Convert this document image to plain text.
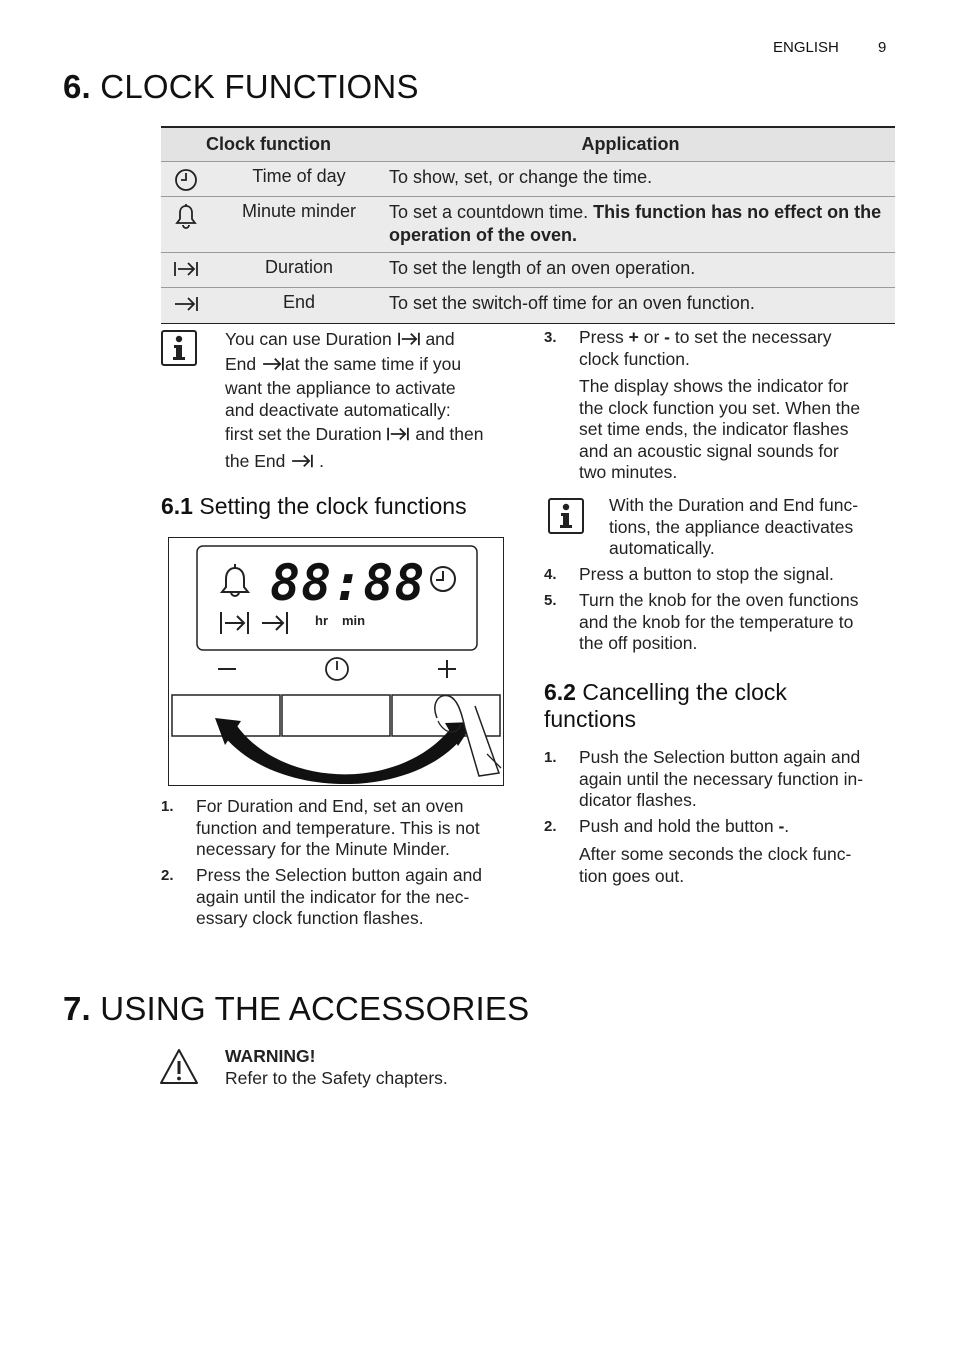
ENGLISH	9
6. CLOCK FUNCTIONS
Clock function	Application
Time of day	To show, set, or change the time.
Minute minder	To set a countdown time. This function has no effect on the operation of the oven.
Duration	To set the length of an oven operation.
End	To set the switch-off time for an oven function.
You can use Duration and
End at the same time if you
want the appliance to activate
and deactivate automatically:
first set the Duration and then
the End .
6.1 Setting the clock functions
88:88
hr min
1. For Duration and End, set an oven
function and temperature. This is not
necessary for the Minute Minder.
2. Press the Selection button again and
again until the indicator for the nec-
essary clock function flashes.
3. Press + or - to set the necessary
clock function.
The display shows the indicator for
the clock function you set. When the
set time ends, the indicator flashes
and an acoustic signal sounds for
two minutes.
With the Duration and End func-
tions, the appliance deactivates
automatically.
4. Press a button to stop the signal.
5. Turn the knob for the oven functions
and the knob for the temperature to
the off position.
6.2 Cancelling the clock
functions
1. Push the Selection button again and
again until the necessary function in-
dicator flashes.
2. Push and hold the button -.
After some seconds the clock func-
tion goes out.
7. USING THE ACCESSORIES
WARNING!
Refer to the Safety chapters.
